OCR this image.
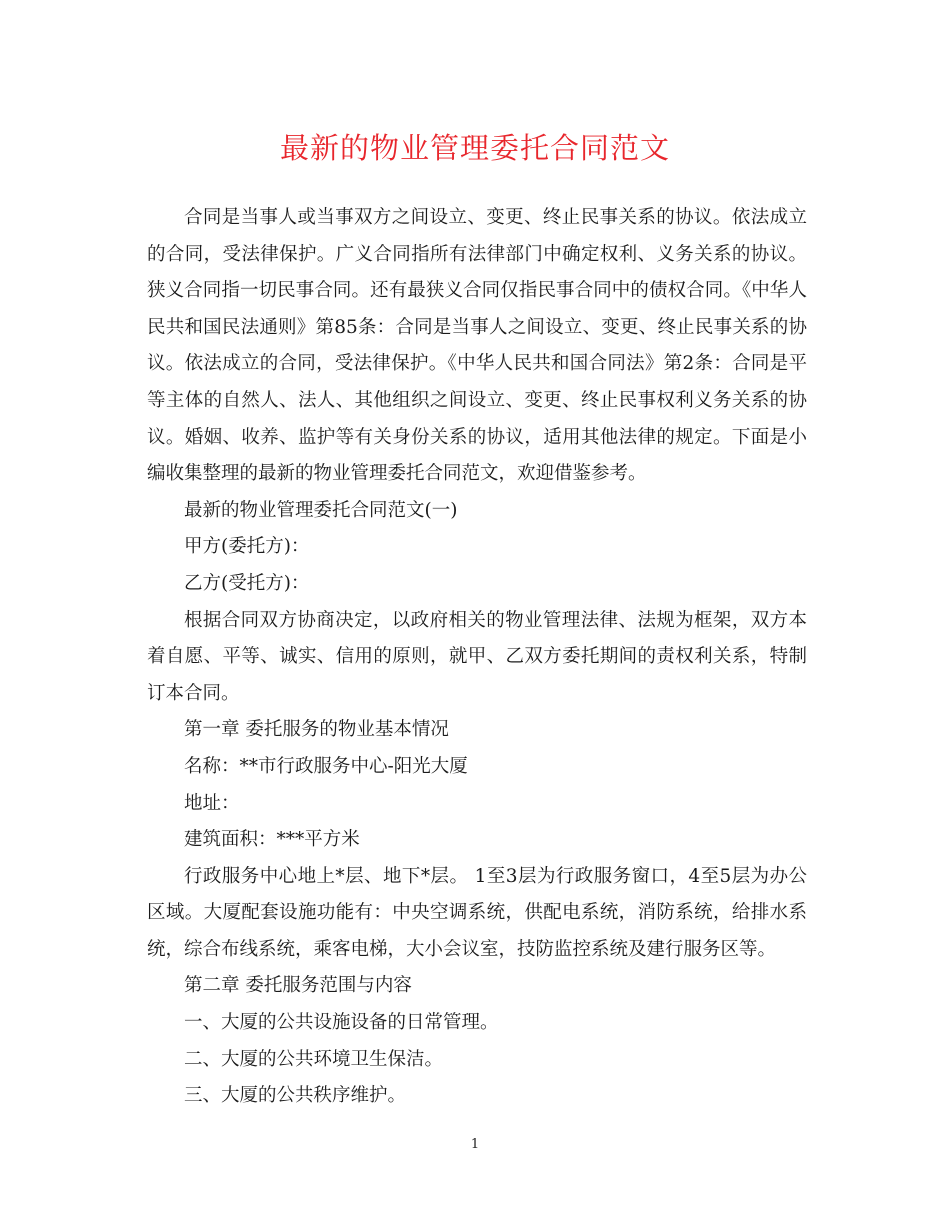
最新的物业管理委托合同范文

合同是当事人或当事双方之间设立、变更、终止民事关系的协议。依法成立的合同，受法律保护。广义合同指所有法律部门中确定权利、义务关系的协议。狭义合同指一切民事合同。还有最狭义合同仅指民事合同中的债权合同。《中华人民共和国民法通则》第85条：合同是当事人之间设立、变更、终止民事关系的协议。依法成立的合同，受法律保护。《中华人民共和国合同法》第2条：合同是平等主体的自然人、法人、其他组织之间设立、变更、终止民事权利义务关系的协议。婚姻、收养、监护等有关身份关系的协议，适用其他法律的规定。下面是小编收集整理的最新的物业管理委托合同范文，欢迎借鉴参考。

最新的物业管理委托合同范文(一)

甲方(委托方)：

乙方(受托方)：

根据合同双方协商决定，以政府相关的物业管理法律、法规为框架，双方本着自愿、平等、诚实、信用的原则，就甲、乙双方委托期间的责权利关系，特制订本合同。

第一章 委托服务的物业基本情况

名称：**市行政服务中心-阳光大厦

地址：

建筑面积：***平方米

行政服务中心地上*层、地下*层。 1至3层为行政服务窗口，4至5层为办公区域。大厦配套设施功能有：中央空调系统，供配电系统，消防系统，给排水系统，综合布线系统，乘客电梯，大小会议室，技防监控系统及建行服务区等。

第二章 委托服务范围与内容

一、大厦的公共设施设备的日常管理。

二、大厦的公共环境卫生保洁。

三、大厦的公共秩序维护。

1
